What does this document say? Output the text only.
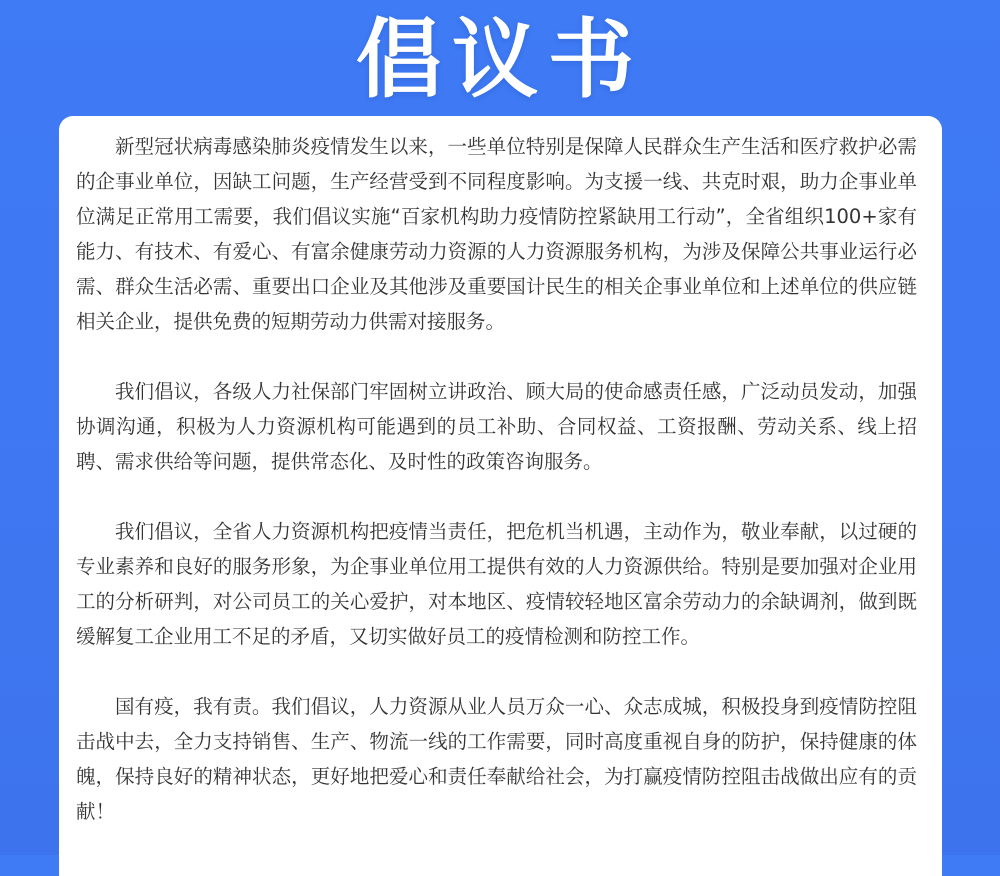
倡议书

新型冠状病毒感染肺炎疫情发生以来，一些单位特别是保障人民群众生产生活和医疗救护必需的企事业单位，因缺工问题，生产经营受到不同程度影响。为支援一线、共克时艰，助力企事业单位满足正常用工需要，我们倡议实施“百家机构助力疫情防控紧缺用工行动”，全省组织100+家有能力、有技术、有爱心、有富余健康劳动力资源的人力资源服务机构，为涉及保障公共事业运行必需、群众生活必需、重要出口企业及其他涉及重要国计民生的相关企事业单位和上述单位的供应链相关企业，提供免费的短期劳动力供需对接服务。

我们倡议，各级人力社保部门牢固树立讲政治、顾大局的使命感责任感，广泛动员发动，加强协调沟通，积极为人力资源机构可能遇到的员工补助、合同权益、工资报酬、劳动关系、线上招聘、需求供给等问题，提供常态化、及时性的政策咨询服务。

我们倡议，全省人力资源机构把疫情当责任，把危机当机遇，主动作为，敬业奉献，以过硬的专业素养和良好的服务形象，为企事业单位用工提供有效的人力资源供给。特别是要加强对企业用工的分析研判，对公司员工的关心爱护，对本地区、疫情较轻地区富余劳动力的余缺调剂，做到既缓解复工企业用工不足的矛盾，又切实做好员工的疫情检测和防控工作。

国有疫，我有责。我们倡议，人力资源从业人员万众一心、众志成城，积极投身到疫情防控阻击战中去，全力支持销售、生产、物流一线的工作需要，同时高度重视自身的防护，保持健康的体魄，保持良好的精神状态，更好地把爱心和责任奉献给社会，为打赢疫情防控阻击战做出应有的贡献！
